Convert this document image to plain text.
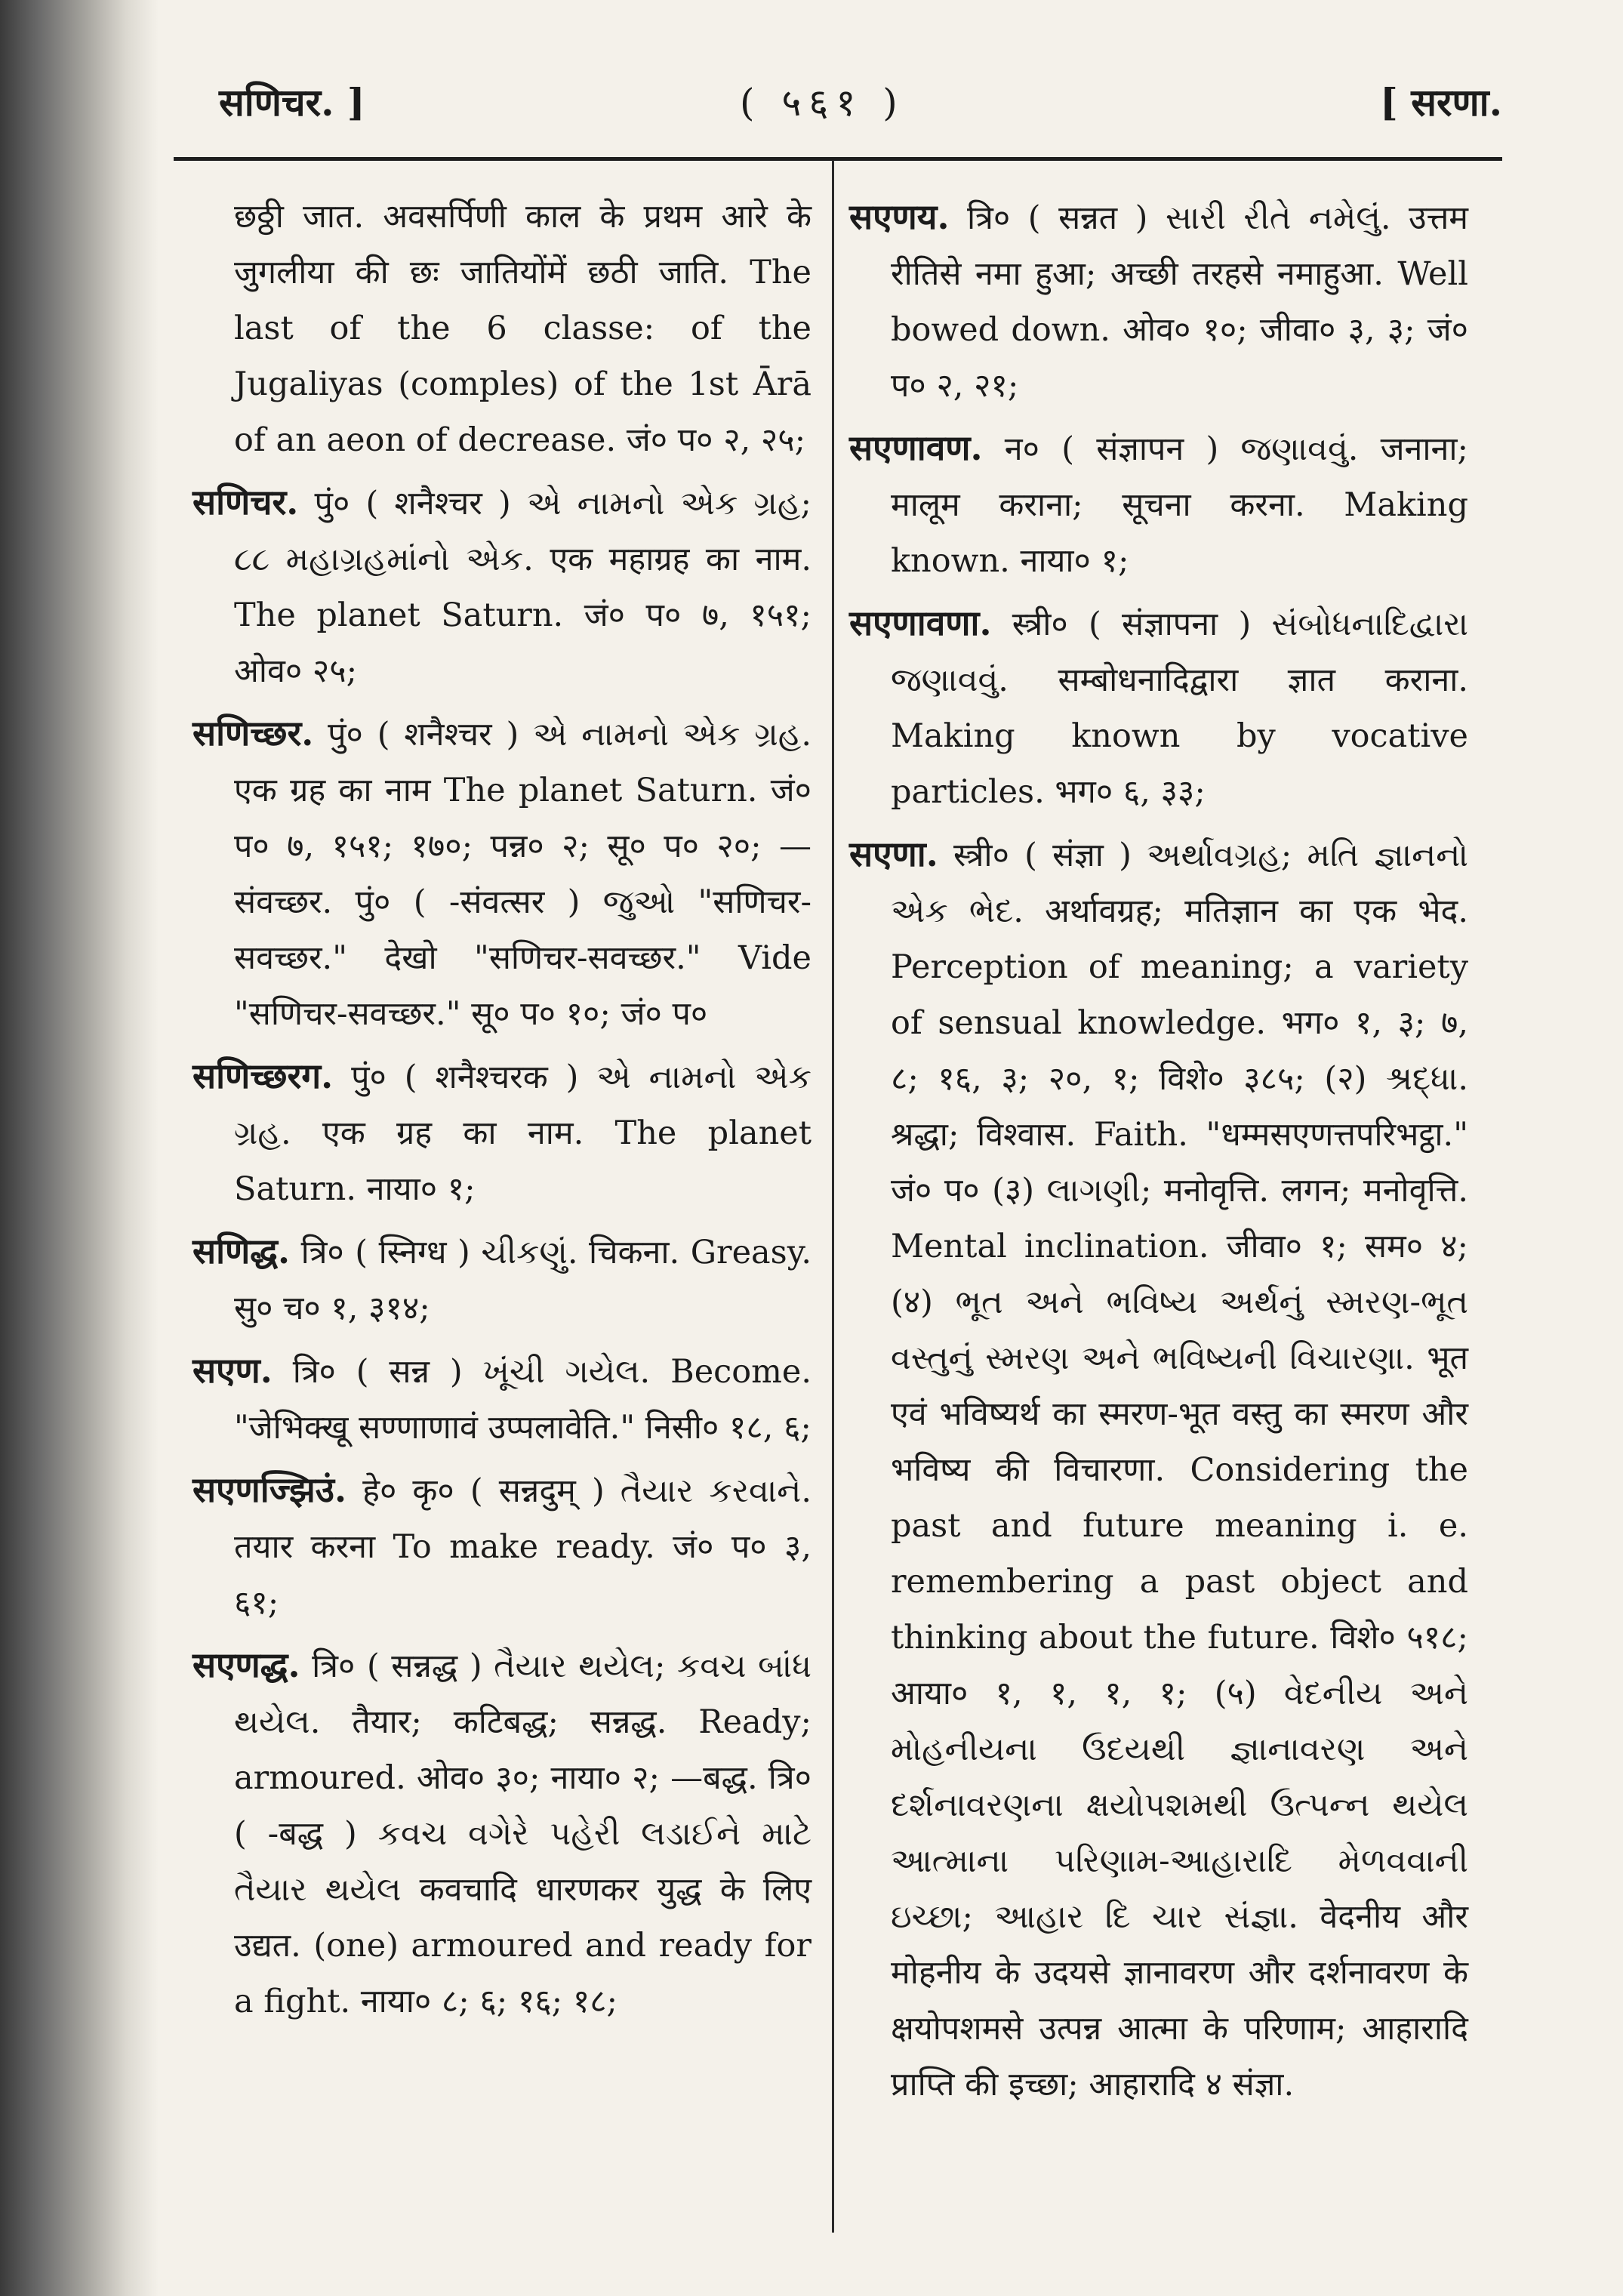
सणिचर. ]	( ५६१ )	[ सरणा.

छठ्ठी जात. अवसर्पिणी काल के प्रथम आरे के जुगलीया की छः जातियोंमें छठी जाति. The last of the 6 classe: of the Jugaliyas (comples) of the 1st Ārā of an aeon of decrease. जं० प० २, २५;

सणिचर. पुं० ( शनैश्चर ) એ નામનો એક ગ્રહ; ૮૮ મહાગ્રહમાંનો એક. एक महाग्रह का नाम. The planet Saturn. जं० प० ७, १५१; ओव० २५;

सणिच्छर. पुं० ( शनैश्चर ) એ નામનો એક ગ્રહ. एक ग्रह का नाम The planet Saturn. जं० प० ७, १५१; १७०; पन्न० २; सू० प० २०; —संवच्छर. पुं० ( -संवत्सर ) જુઓ "सणिचर-सवच्छर." देखो "सणिचर-सवच्छर." Vide "सणिचर-सवच्छर." सू० प० १०; जं० प०

सणिच्छरग. पुं० ( शनैश्चरक ) એ નામનો એક ગ્રહ. एक ग्रह का नाम. The planet Saturn. नाया० १;

सणिद्ध. त्रि० ( स्निग्ध ) ચીકણું. चिकना. Greasy. सु० च० १, ३१४;

सएण. त्रि० ( सन्न ) ખૂંચી ગયેલ. Become. "जेभिक्खू सण्णाणावं उप्पलावेति." निसी० १८, ६;

सएणज्झिउं. हे० कृ० ( सन्नदुम् ) તૈયાર કરવાને. तयार करना To make ready. जं० प० ३, ६१;

सएणद्ध. त्रि० ( सन्नद्ध ) તૈયાર થયેલ; કવચ બાંધ થયેલ. तैयार; कटिबद्ध; सन्नद्ध. Ready; armoured. ओव० ३०; नाया० २; —बद्ध. त्रि० ( -बद्ध ) કવચ વગેરે પહેરી લડાઈને માટે તૈયાર થયેલ कवचादि धारणकर युद्ध के लिए उद्यत. (one) armoured and ready for a fight. नाया० ८; ६; १६; १८;

सएणय. त्रि० ( सन्नत ) સારી રીતે નમેલું. उत्तम रीतिसे नमा हुआ; अच्छी तरहसे नमाहुआ. Well bowed down. ओव० १०; जीवा० ३, ३; जं० प० २, २१;

सएणावण. न० ( संज्ञापन ) જણાવવું. जनाना; मालूम कराना; सूचना करना. Making known. नाया० १;

सएणावणा. स्त्री० ( संज्ञापना ) સંબોધનાદિદ્વારા જણાવવું. सम्बोधनादिद्वारा ज्ञात कराना. Making known by vocative particles. भग० ६, ३३;

सएणा. स्त्री० ( संज्ञा ) અર્થાવગ્રહ; મતિ જ્ઞાનનો એક ભેદ. अर्थावग्रह; मतिज्ञान का एक भेद. Perception of meaning; a variety of sensual knowledge. भग० १, ३; ७, ८; १६, ३; २०, १; विशे० ३८५; (२) શ્રદ્ધા. श्रद्धा; विश्वास. Faith. "धम्मसएणत्तपरिभट्ठा." जं० प० (३) લાગણી; मनोवृत्ति. लगन; मनोवृत्ति. Mental inclination. जीवा० १; सम० ४; (४) ભૂત અને ભવિષ્ય અર્થનું સ્મરણ-ભૂત વસ્તુનું સ્મરણ અને ભવિષ્યની વિચારણા. भूत एवं भविष्यर्थ का स्मरण-भूत वस्तु का स्मरण और भविष्य की विचारणा. Considering the past and future meaning i. e. remembering a past object and thinking about the future. विशे० ५१८; आया० १, १, १, १; (५) વેદનીય અને મોહનીયના ઉદયથી જ્ઞાનાવરણ અને દર્શનાવરણના ક્ષયોપશમથી ઉત્પન્ન થયેલ આત્માના પરિણામ-આહારાદિ મેળવવાની ઇચ્છા; આહાર દિ ચાર સંજ્ઞા. वेदनीय और मोहनीय के उदयसे ज्ञानावरण और दर्शनावरण के क्षयोपशमसे उत्पन्न आत्मा के परिणाम; आहारादि प्राप्ति की इच्छा; आहारादि ४ संज्ञा.
